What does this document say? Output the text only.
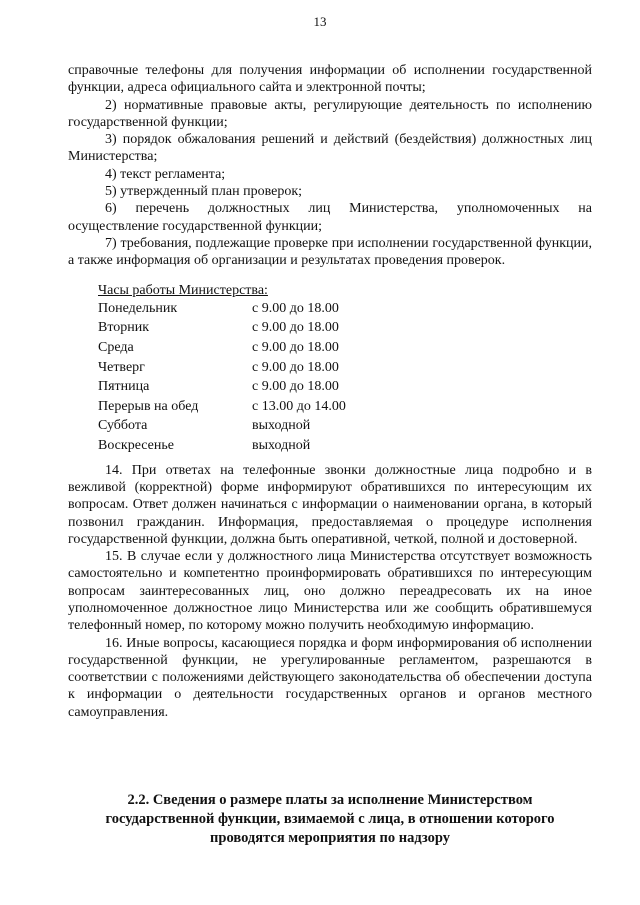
13

справочные телефоны для получения информации об исполнении государственной функции, адреса официального сайта и электронной почты;

2) нормативные правовые акты, регулирующие деятельность по исполнению государственной функции;

3) порядок обжалования решений и действий (бездействия) должностных лиц Министерства;

4) текст регламента;

5) утвержденный план проверок;

6) перечень должностных лиц Министерства, уполномоченных на осуществление государственной функции;

7) требования, подлежащие проверке при исполнении государственной функции, а также информация об организации и результатах проведения проверок.

Часы работы Министерства:

Понедельник	с 9.00 до 18.00
Вторник	с 9.00 до 18.00
Среда	с 9.00 до 18.00
Четверг	с 9.00 до 18.00
Пятница	с 9.00 до 18.00
Перерыв на обед	с 13.00 до 14.00
Суббота	выходной
Воскресенье	выходной

14. При ответах на телефонные звонки должностные лица подробно и в вежливой (корректной) форме информируют обратившихся по интересующим их вопросам. Ответ должен начинаться с информации о наименовании органа, в который позвонил гражданин. Информация, предоставляемая о процедуре исполнения государственной функции, должна быть оперативной, четкой, полной и достоверной.

15. В случае если у должностного лица Министерства отсутствует возможность самостоятельно и компетентно проинформировать обратившихся по интересующим вопросам заинтересованных лиц, оно должно переадресовать их на иное уполномоченное должностное лицо Министерства или же сообщить обратившемуся телефонный номер, по которому можно получить необходимую информацию.

16. Иные вопросы, касающиеся порядка и форм информирования об исполнении государственной функции, не урегулированные регламентом, разрешаются в соответствии с положениями действующего законодательства об обеспечении доступа к информации о деятельности государственных органов и органов местного самоуправления.

2.2. Сведения о размере платы за исполнение Министерством государственной функции, взимаемой с лица, в отношении которого проводятся мероприятия по надзору
